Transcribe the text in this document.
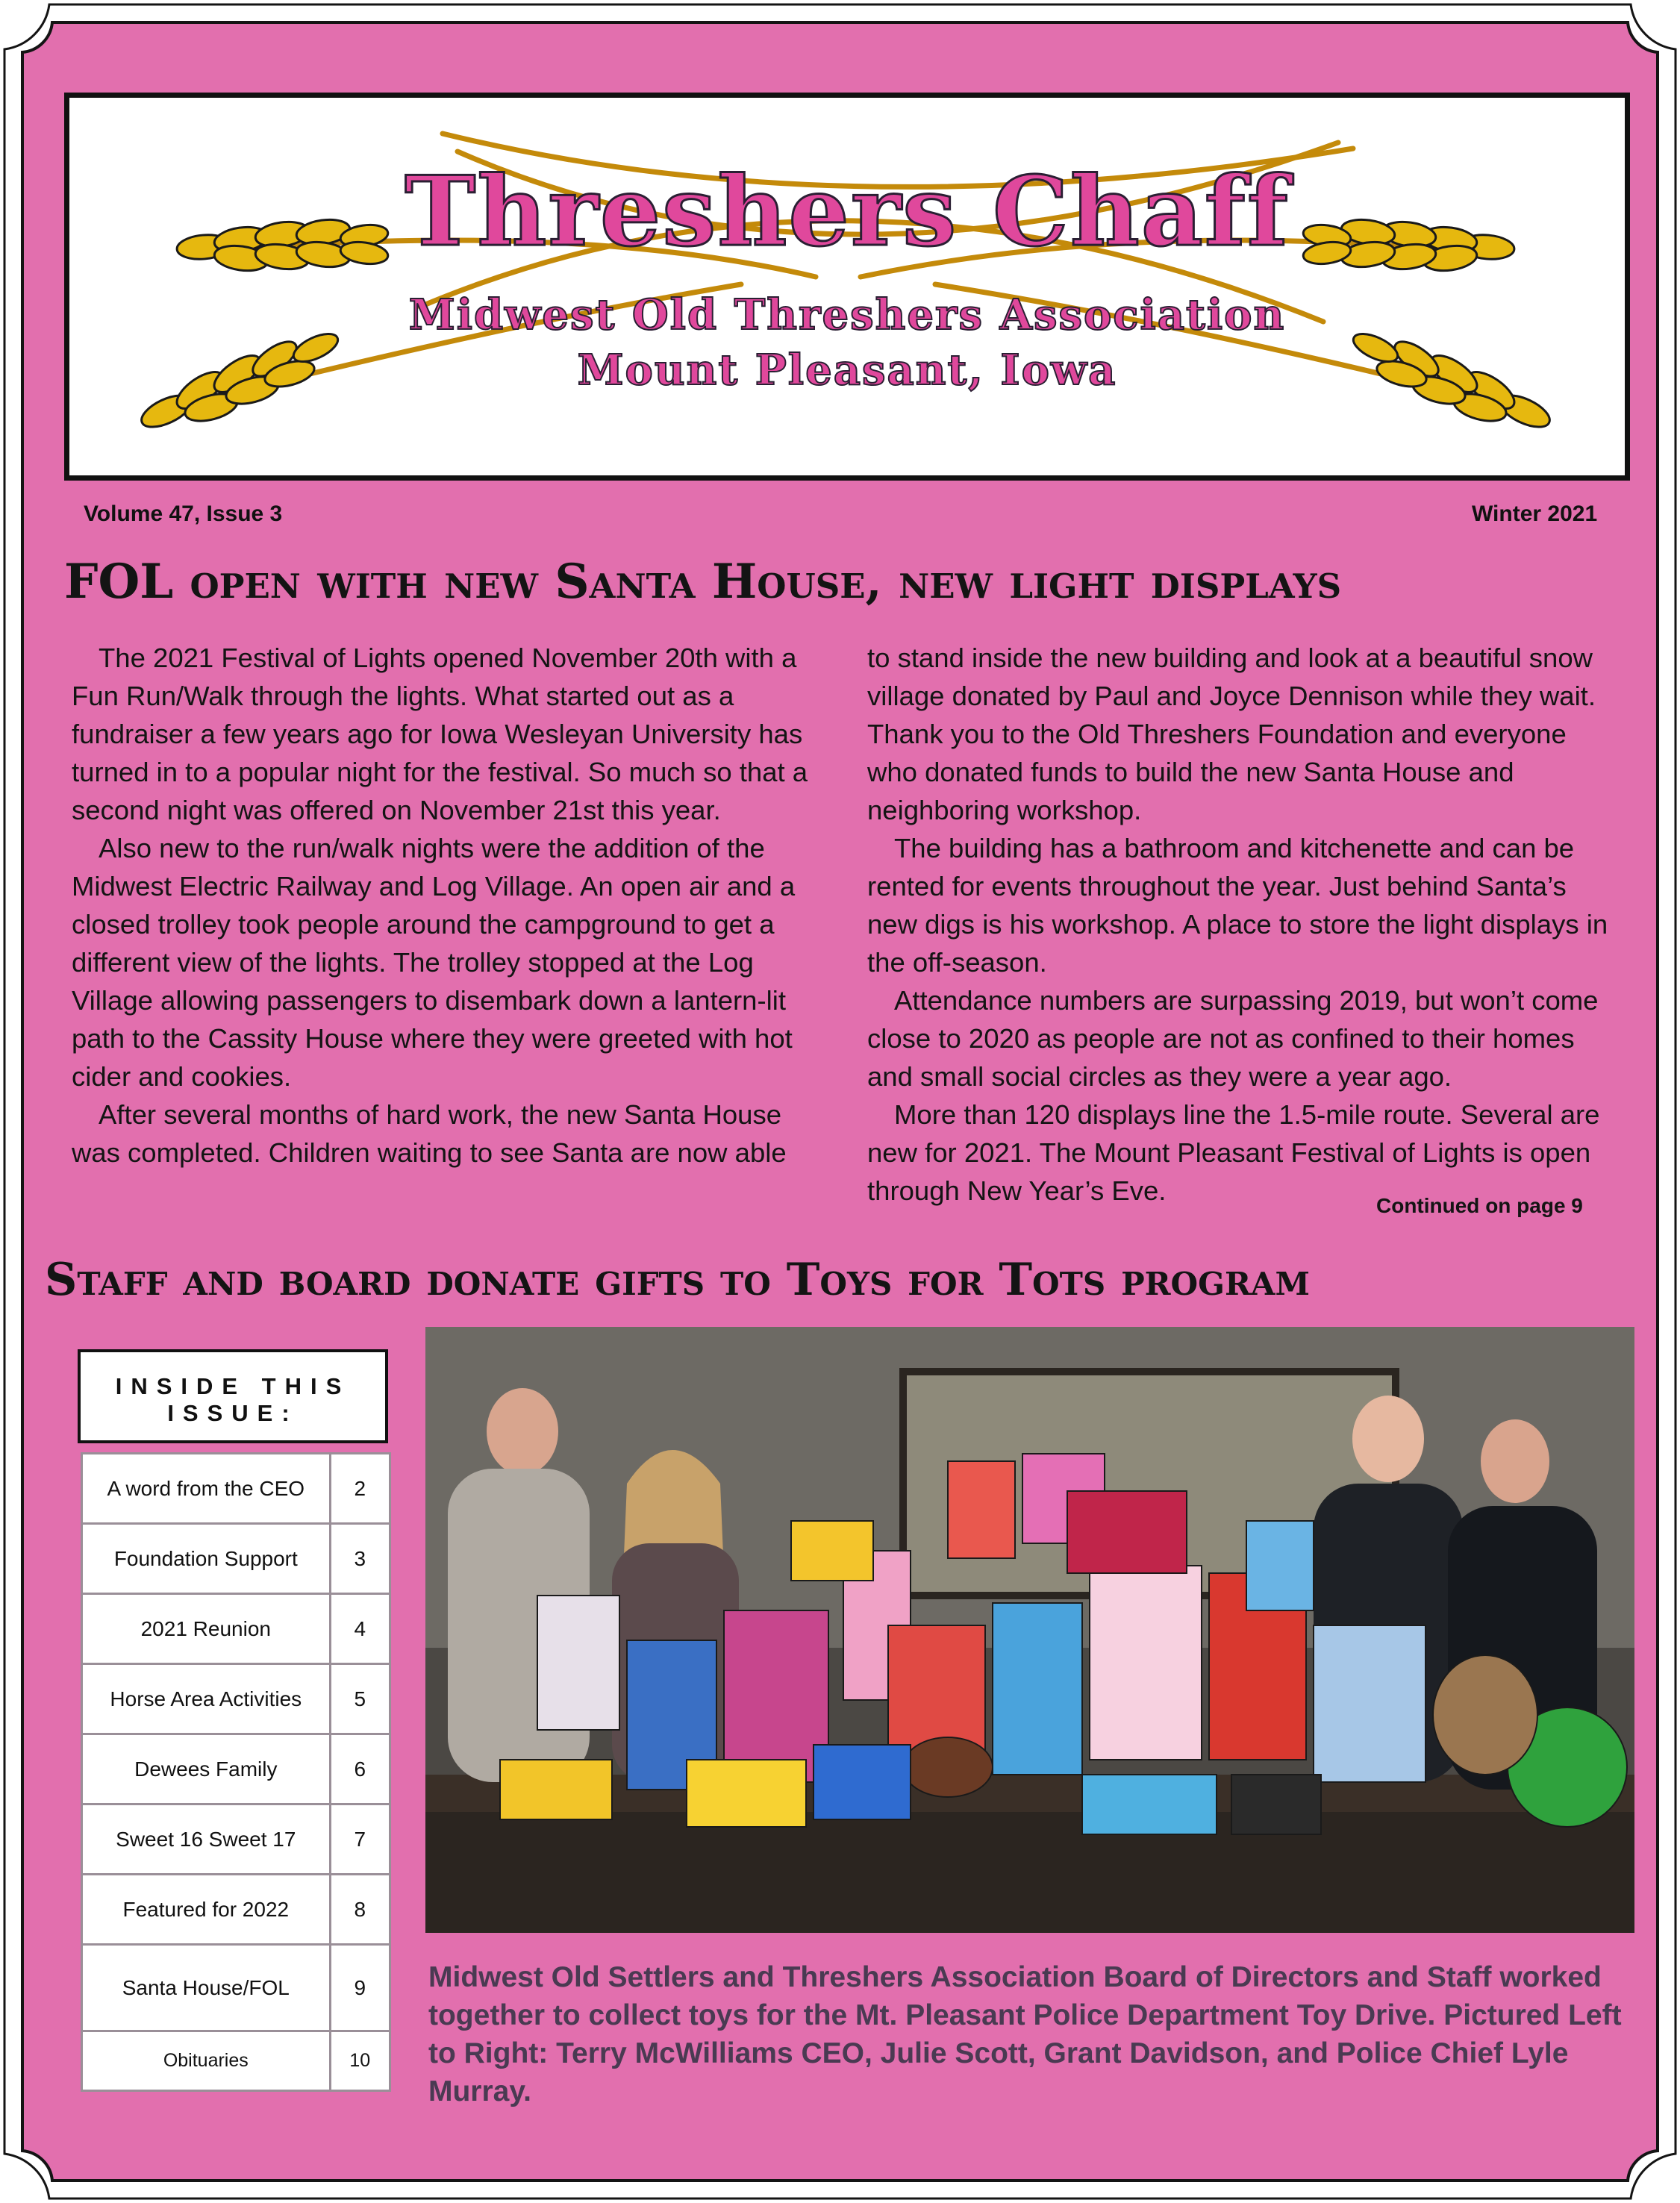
Threshers Chaff
Midwest Old Threshers Association
Mount Pleasant, Iowa
Volume 47, Issue 3	Winter 2021
FOL open with new Santa House, new light displays

The 2021 Festival of Lights opened November 20th with a Fun Run/Walk through the lights. What started out as a fundraiser a few years ago for Iowa Wesleyan University has turned in to a popular night for the festival. So much so that a second night was offered on November 21st this year.

Also new to the run/walk nights were the addition of the Midwest Electric Railway and Log Village. An open air and a closed trolley took people around the campground to get a different view of the lights. The trolley stopped at the Log Village allowing passengers to disembark down a lantern-lit path to the Cassity House where they were greeted with hot cider and cookies.

After several months of hard work, the new Santa House was completed. Children waiting to see Santa are now able

to stand inside the new building and look at a beautiful snow village donated by Paul and Joyce Dennison while they wait. Thank you to the Old Threshers Foundation and everyone who donated funds to build the new Santa House and neighboring workshop.

The building has a bathroom and kitchenette and can be rented for events throughout the year. Just behind Santa’s new digs is his workshop. A place to store the light displays in the off-season.

Attendance numbers are surpassing 2019, but won’t come close to 2020 as people are not as confined to their homes and small social circles as they were a year ago.

More than 120 displays line the 1.5-mile route. Several are new for 2021. The Mount Pleasant Festival of Lights is open through New Year’s Eve.	Continued on page 9
Staff and board donate gifts to Toys for Tots program
INSIDE THIS ISSUE:
A word from the CEO	2
Foundation Support	3
2021 Reunion	4
Horse Area Activities	5
Dewees Family	6
Sweet 16 Sweet 17	7
Featured for 2022	8
Santa House/FOL	9
Obituaries	10
Midwest Old Settlers and Threshers Association Board of Directors and Staff worked together to collect toys for the Mt. Pleasant Police Department Toy Drive. Pictured Left to Right: Terry McWilliams CEO, Julie Scott, Grant Davidson, and Police Chief Lyle Murray.
